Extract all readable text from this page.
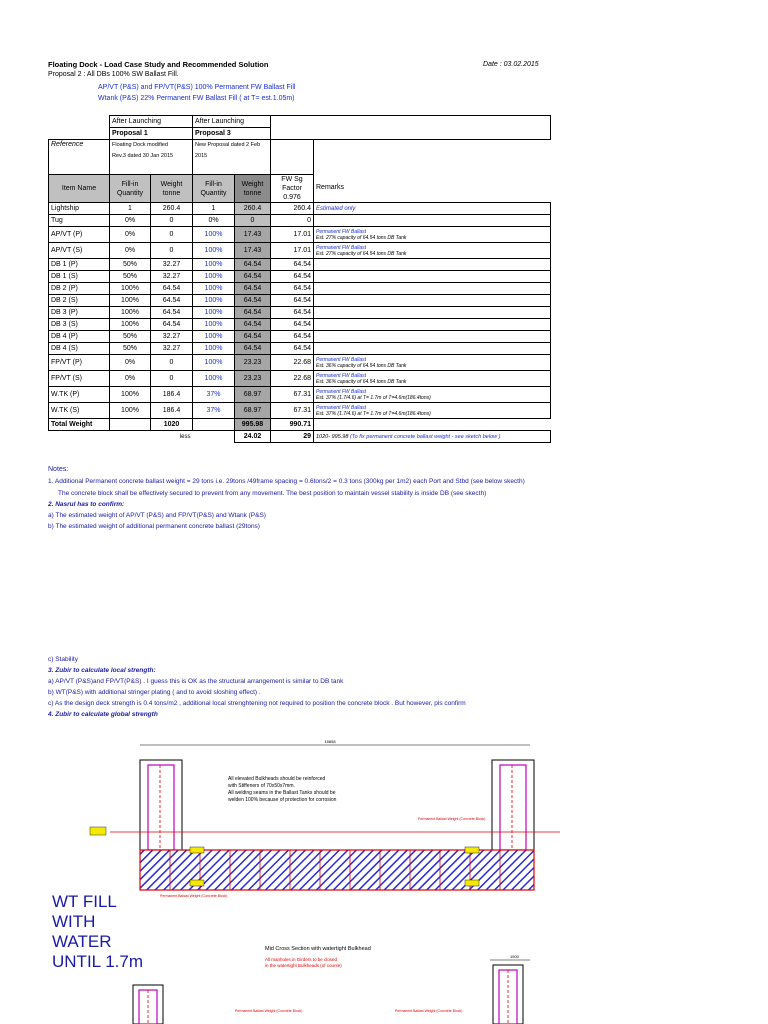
Floating Dock - Load Case Study and Recommended Solution	Date : 03.02.2015
Proposal 2 : All DBs 100% SW Ballast Fill.
AP/VT (P&S) and FP/VT(P&S) 100% Permanent FW Ballast Fill
Wtank (P&S) 22% Permanent FW Ballast Fill ( at T= est.1.05m)
	After Launching		After Launching			
	Proposal 1		Proposal 3			
Reference	Floating Dock modified
Rev.3 dated 30 Jan 2015		New Proposal dated 2 Feb 2015			
Item Name	Fill-in Quantity	Weight tonne	Fill-in Quantity	Weight tonne	FW Sg Factor 0.976	Remarks
Lightship	1	260.4	1	260.4	260.4	Estimated only

Tug	0%	0	0%	0	0	

AP/VT (P)	0%	0	100%	17.43	17.01	Permanent FW Ballast
Est. 27% capacity of 64.54 tons DB Tank

AP/VT (S)	0%	0	100%	17.43	17.01	Permanent FW Ballast
Est. 27% capacity of 64.54 tons DB Tank

DB 1 (P)	50%	32.27	100%	64.54	64.54	

DB 1 (S)	50%	32.27	100%	64.54	64.54	

DB 2 (P)	100%	64.54	100%	64.54	64.54	

DB 2 (S)	100%	64.54	100%	64.54	64.54	

DB 3 (P)	100%	64.54	100%	64.54	64.54	

DB 3 (S)	100%	64.54	100%	64.54	64.54	

DB 4 (P)	50%	32.27	100%	64.54	64.54	

DB 4 (S)	50%	32.27	100%	64.54	64.54	

FP/VT (P)	0%	0	100%	23.23	22.68	Permanent FW Ballast
Est. 36% capacity of 64.54 tons DB Tank

FP/VT (S)	0%	0	100%	23.23	22.68	Permanent FW Ballast
Est. 36% capacity of 64.54 tons DB Tank

W.TK (P)	100%	186.4	37%	68.97	67.31	Permanent FW Ballast
Est. 37% (1.7/4.6) at T= 1.7m of T=4.6m(186.4tons)

W.TK (S)	100%	186.4	37%	68.97	67.31	Permanent FW Ballast
Est. 37% (1.7/4.6) at T= 1.7m of T=4.6m(186.4tons)

Total Weight		1020		995.98	990.71	
		less		24.02	29	1020- 995.98 (To fix permanent concrete ballast weight - see sketch below )
Notes:
1. Additional Permanent concrete ballast weight = 29 tons i.e. 29tons /49frame spacing = 0.6tons/2 = 0.3 tons (300kg per 1m2) each Port and Stbd (see below skecth)
The concrete block shall be effectively secured to prevent from any movement. The best position to maintain vessel stability is inside DB (see skecth)
2. Nasrul has to confirm:
a) The estimated weight of AP/VT (P&S) and FP/VT(P&S) and Wtank (P&S)
b) The estimated weight of additional permanent concrete ballast (29tons)
c) Stability
3. Zubir to calculate local strength:
a) AP/VT (P&S)and FP/VT(P&S) . I guess this is OK as the structural arrangement is similar to DB tank
b) WT(P&S) with additional stringer plating ( and to avoid sloshing effect) .
c) As the design deck strength is 0.4 tons/m2 , additional local strenghtening not required to position the concrete block . But however, pls confirm
4. Zubir to calculate global strength
15858
All elevated Bulkheads should be reinforced
with Stiffeners of 70x50x7mm.
All welding seams in the Ballast Tanks should be
welden 100% because of protection for corrosion
Permanent Ballast Weight (Concrete Block)
Permanent Ballast Weight (Concrete Block)
WT FILL
WITH
WATER
UNTIL 1.7m
Mid Cross Section with watertight Bulkhead
All manholes in Girders to be closed
in the watertight Bulkheads (of course)
1500
Permanent Ballast Weight (Concrete Block)	Permanent Ballast Weight (Concrete Block)
